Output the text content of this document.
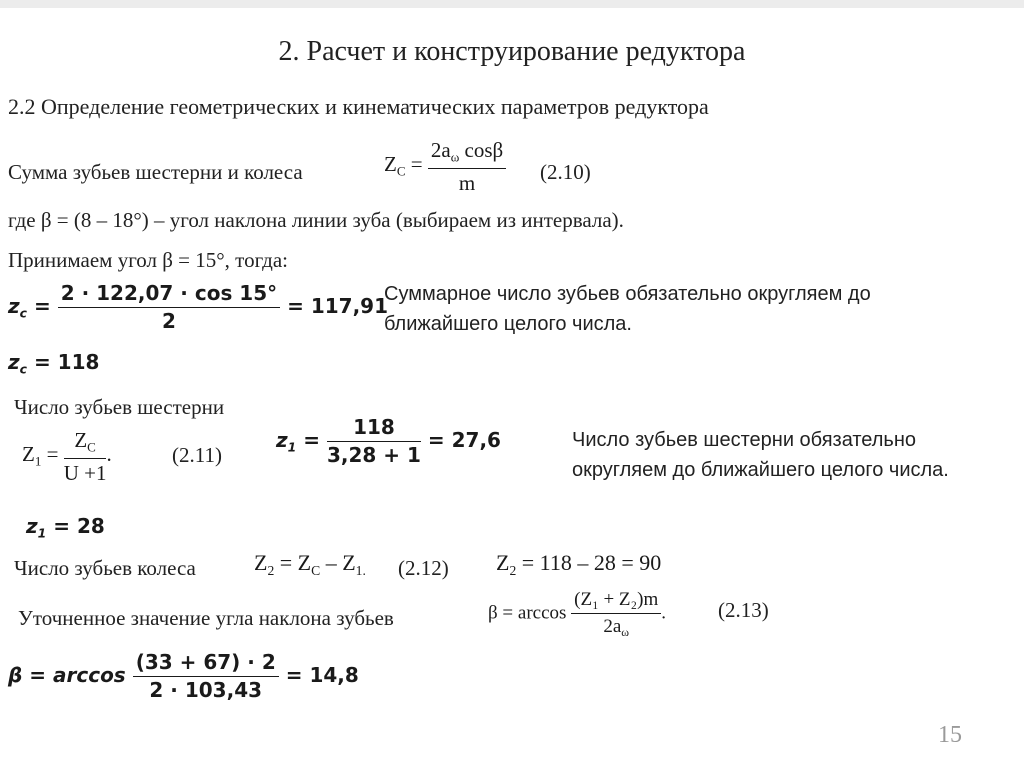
2. Расчет и конструирование редуктора
2.2 Определение геометрических и кинематических параметров редуктора
Сумма зубьев шестерни и колеса	$Z_C = \frac{2a_\omega \cos\beta}{m} (2.10)$
где β = (8 – 18°) – угол наклона линии зуба (выбираем из интервала).
Принимаем угол β = 15°, тогда:
$z_c = \frac{2 \cdot 122,07 \cdot \cos 15^\circ}{2} = 117,91$
Суммарное число зубьев обязательно округляем до ближайшего целого числа.
$z_c = 118$
Число зубьев шестерни
$Z_1 = \frac{Z_C}{U +1}$ .	(2.11)
$z_1 = \frac{118}{3,28 + 1} = 27,6$	Число зубьев шестерни обязательно округляем до ближайшего целого числа.
$z_1 = 28$
Число зубьев колеса	$Z_2 = Z_C - Z_{1.}$ (2.12) $Z_2 = 118 - 28 = 90$
Уточненное значение угла наклона зубьев	$\beta = \arccos \frac{\text{(Z₁ + Z₂)m}}{2a_\omega}$ . (2.13)
$\beta = \arccos \frac{(33 + 67) \cdot 2}{2 \cdot 103,43} = 14,8$
15
